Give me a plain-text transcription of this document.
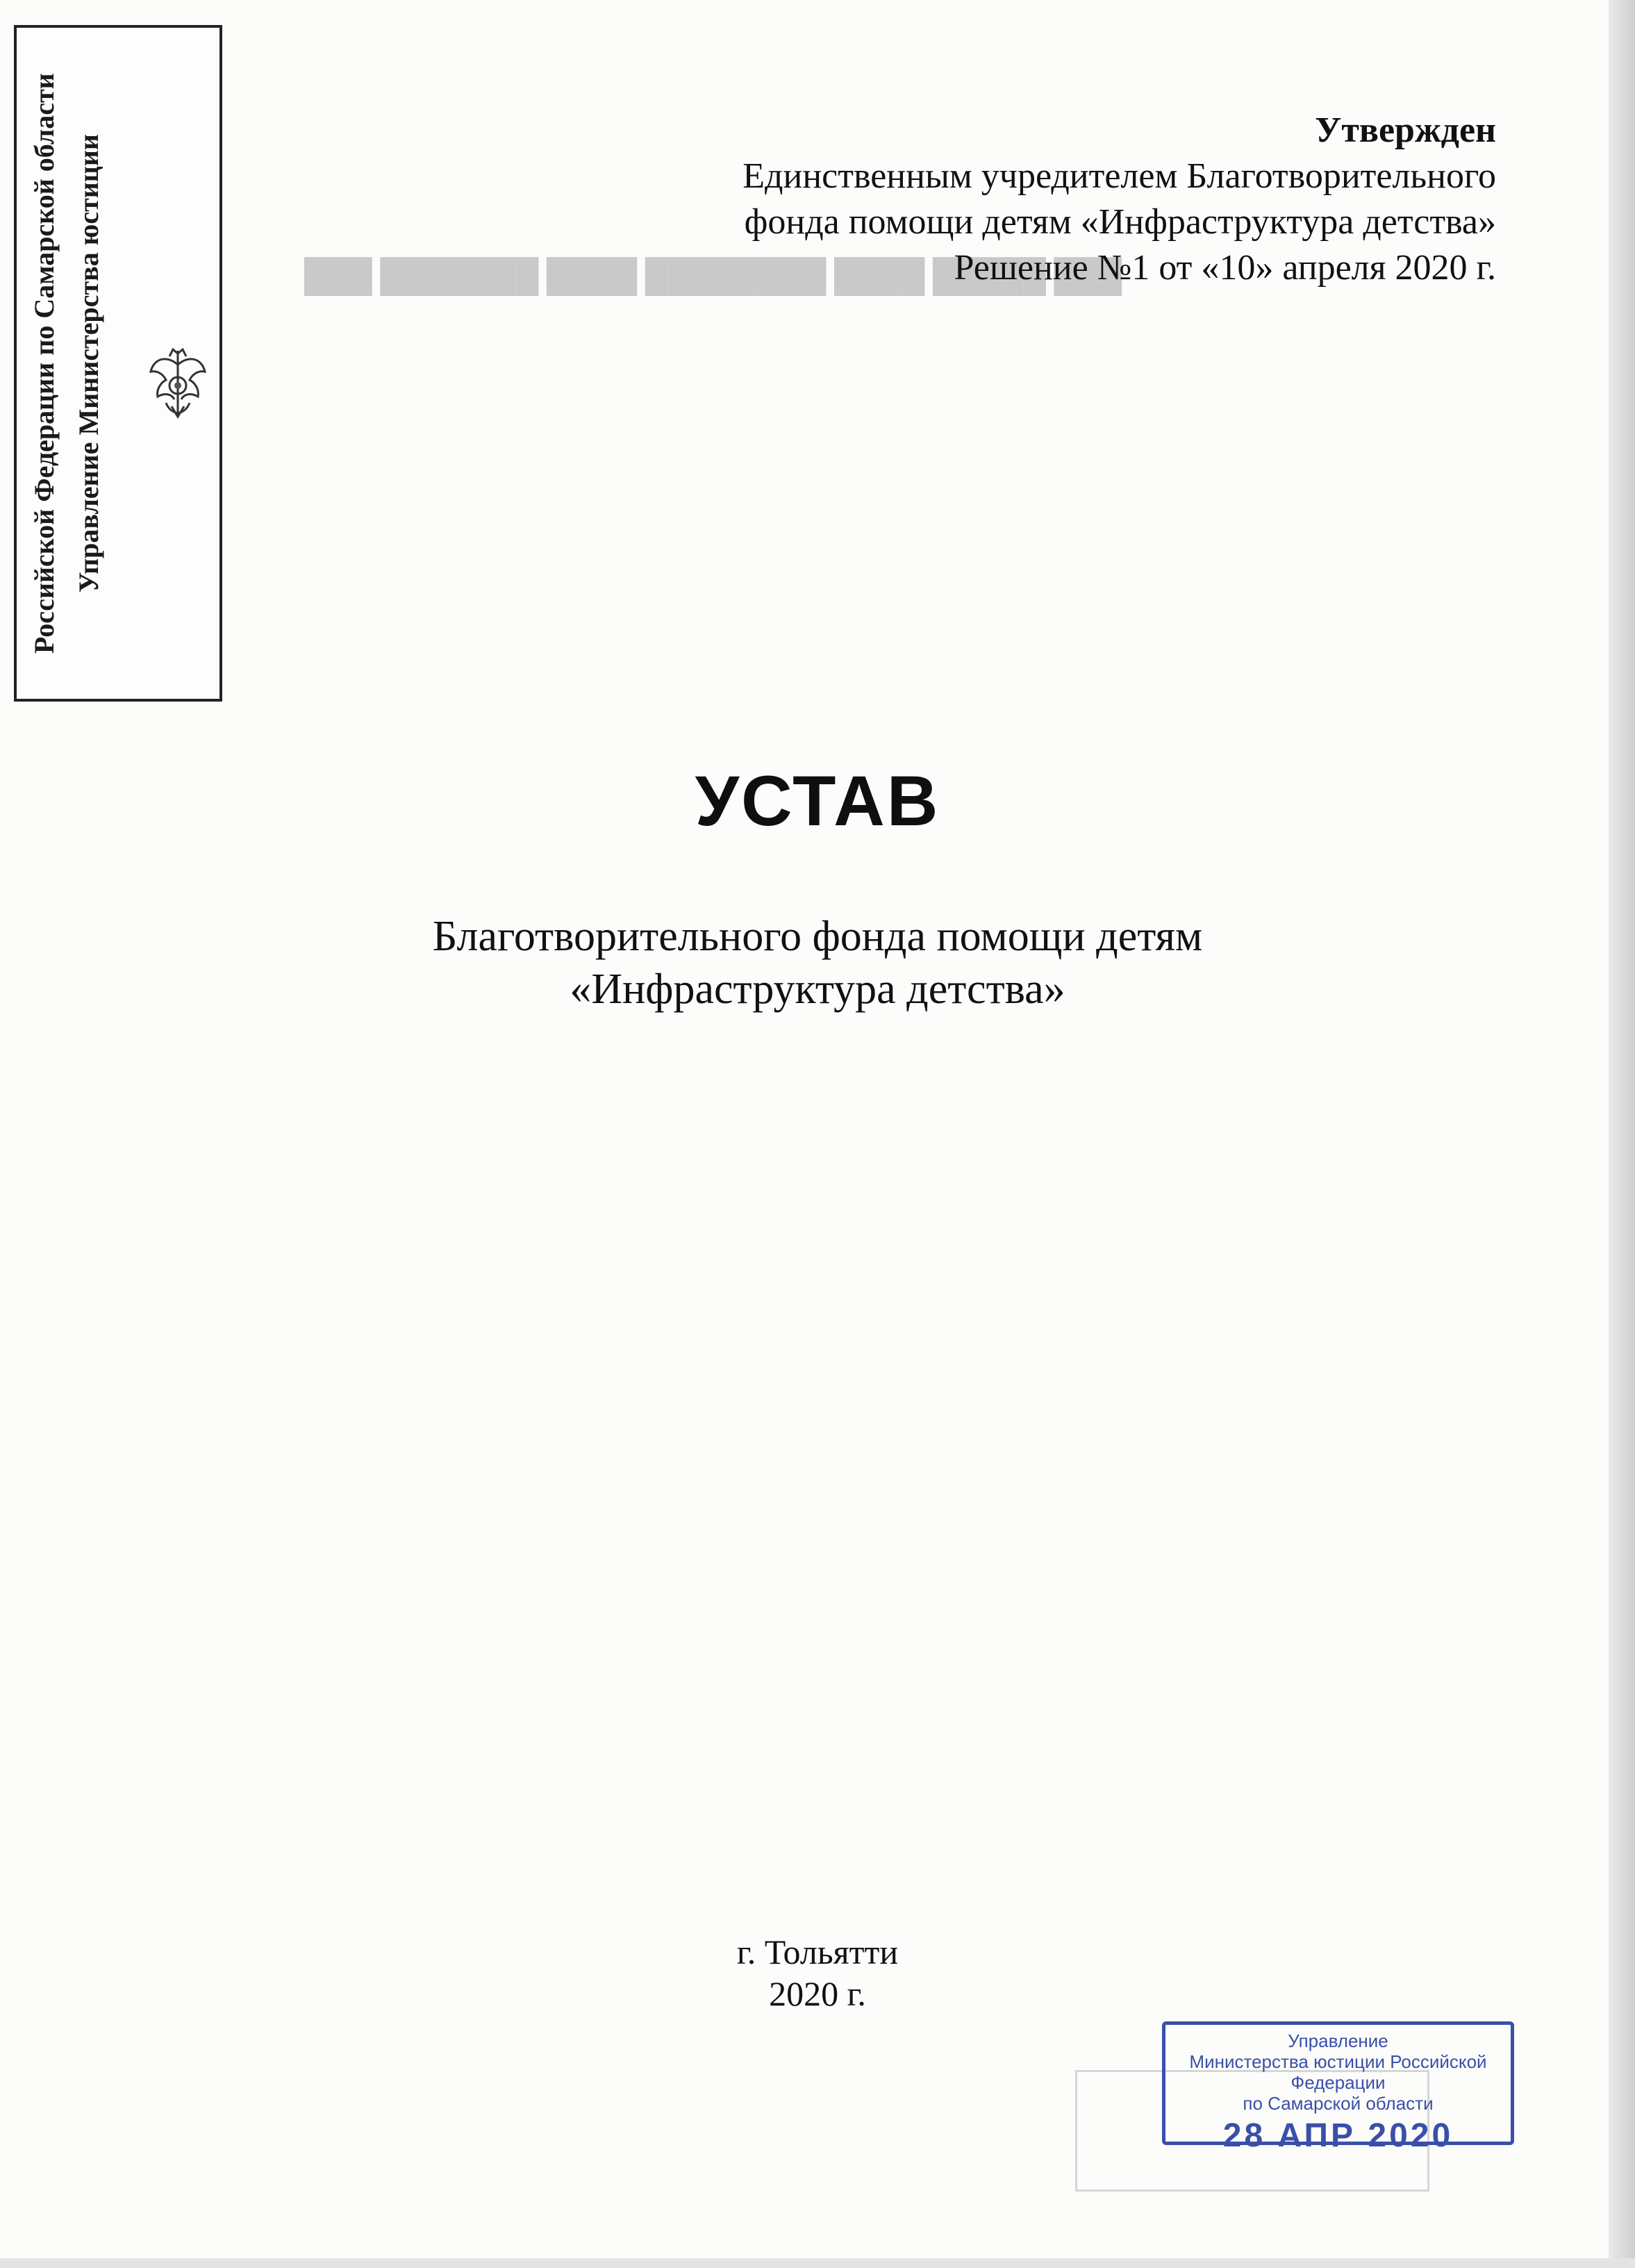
███ ███████ ████ ████████ ████ █████ ███

Российской Федерации по Самарской области Управление Министерства юстиции
Утвержден
Единственным учредителем Благотворительного
фонда помощи детям «Инфраструктура детства»
Решение №1 от «10» апреля 2020 г.
УСТАВ
Благотворительного фонда помощи детям
«Инфраструктура детства»
г. Тольятти
2020 г.
Управление
Министерства юстиции Российской Федерации
по Самарской области
28 АПР 2020
